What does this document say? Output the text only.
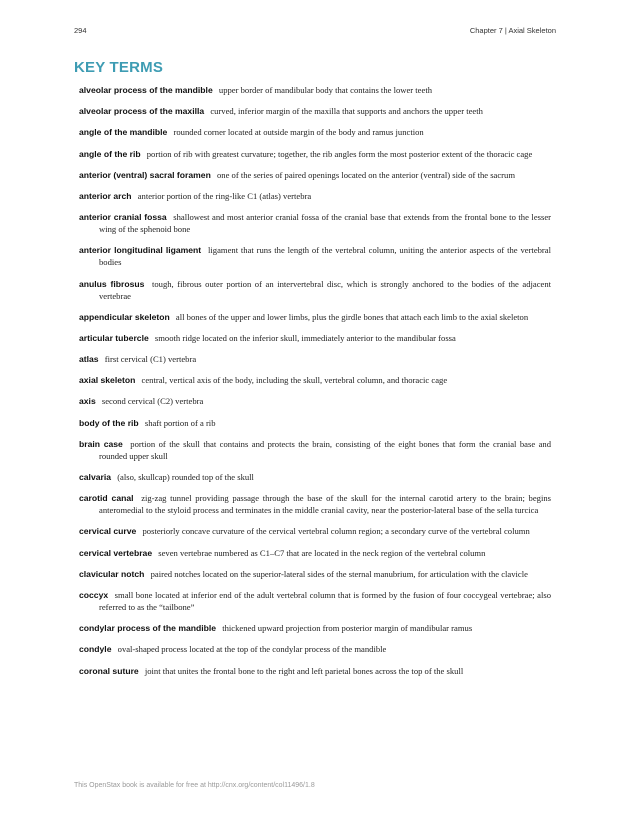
294	Chapter 7 | Axial Skeleton
KEY TERMS
alveolar process of the mandible upper border of mandibular body that contains the lower teeth
alveolar process of the maxilla curved, inferior margin of the maxilla that supports and anchors the upper teeth
angle of the mandible rounded corner located at outside margin of the body and ramus junction
angle of the rib portion of rib with greatest curvature; together, the rib angles form the most posterior extent of the thoracic cage
anterior (ventral) sacral foramen one of the series of paired openings located on the anterior (ventral) side of the sacrum
anterior arch anterior portion of the ring-like C1 (atlas) vertebra
anterior cranial fossa shallowest and most anterior cranial fossa of the cranial base that extends from the frontal bone to the lesser wing of the sphenoid bone
anterior longitudinal ligament ligament that runs the length of the vertebral column, uniting the anterior aspects of the vertebral bodies
anulus fibrosus tough, fibrous outer portion of an intervertebral disc, which is strongly anchored to the bodies of the adjacent vertebrae
appendicular skeleton all bones of the upper and lower limbs, plus the girdle bones that attach each limb to the axial skeleton
articular tubercle smooth ridge located on the inferior skull, immediately anterior to the mandibular fossa
atlas first cervical (C1) vertebra
axial skeleton central, vertical axis of the body, including the skull, vertebral column, and thoracic cage
axis second cervical (C2) vertebra
body of the rib shaft portion of a rib
brain case portion of the skull that contains and protects the brain, consisting of the eight bones that form the cranial base and rounded upper skull
calvaria (also, skullcap) rounded top of the skull
carotid canal zig-zag tunnel providing passage through the base of the skull for the internal carotid artery to the brain; begins anteromedial to the styloid process and terminates in the middle cranial cavity, near the posterior-lateral base of the sella turcica
cervical curve posteriorly concave curvature of the cervical vertebral column region; a secondary curve of the vertebral column
cervical vertebrae seven vertebrae numbered as C1–C7 that are located in the neck region of the vertebral column
clavicular notch paired notches located on the superior-lateral sides of the sternal manubrium, for articulation with the clavicle
coccyx small bone located at inferior end of the adult vertebral column that is formed by the fusion of four coccygeal vertebrae; also referred to as the “tailbone”
condylar process of the mandible thickened upward projection from posterior margin of mandibular ramus
condyle oval-shaped process located at the top of the condylar process of the mandible
coronal suture joint that unites the frontal bone to the right and left parietal bones across the top of the skull
This OpenStax book is available for free at http://cnx.org/content/col11496/1.8
